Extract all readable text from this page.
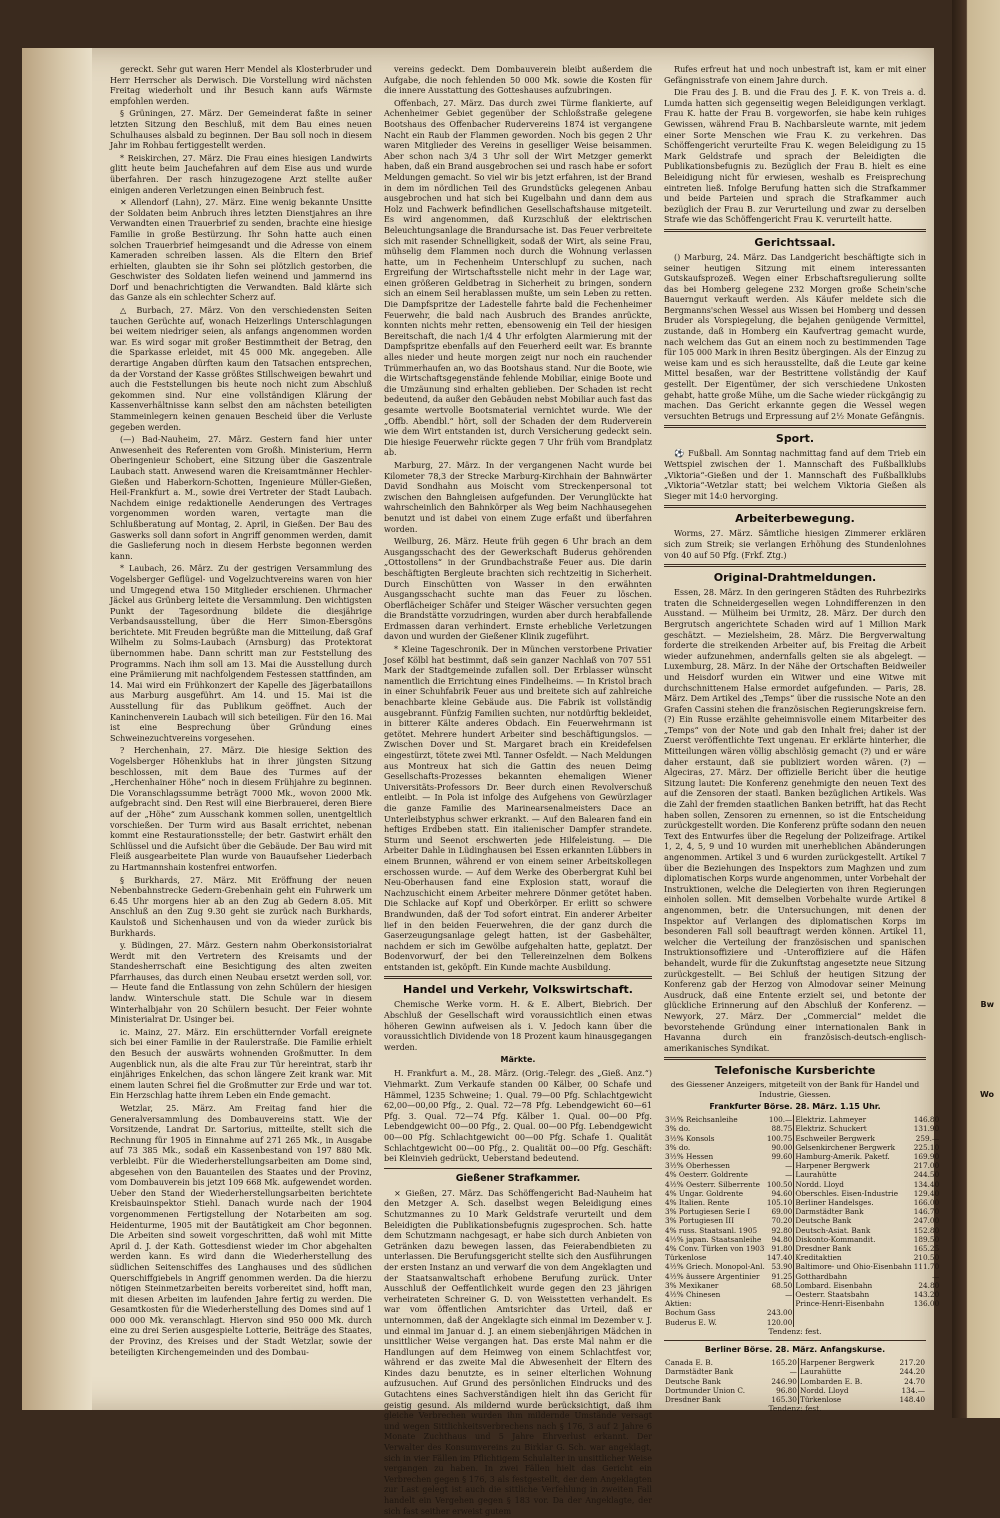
gereckt. Sehr gut waren Herr Mendel als Klosterbruder und Herr Herrscher als Derwisch. Die Vorstellung wird nächsten Freitag wiederholt und ihr Besuch kann aufs Wärmste empfohlen werden.

§ Grüningen, 27. März. Der Gemeinderat faßte in seiner letzten Sitzung den Beschluß, mit dem Bau eines neuen Schulhauses alsbald zu beginnen. Der Bau soll noch in diesem Jahr im Rohbau fertiggestellt werden.

* Reiskirchen, 27. März. Die Frau eines hiesigen Landwirts glitt heute beim Jauchefahren auf dem Eise aus und wurde überfahren. Der rasch hinzugezogene Arzt stellte außer einigen anderen Verletzungen einen Beinbruch fest.

✕ Allendorf (Lahn), 27. März. Eine wenig bekannte Unsitte der Soldaten beim Anbruch ihres letzten Dienstjahres an ihre Verwandten einen Trauerbrief zu senden, brachte eine hiesige Familie in große Bestürzung. Ihr Sohn hatte auch einen solchen Trauerbrief heimgesandt und die Adresse von einem Kameraden schreiben lassen. Als die Eltern den Brief erhielten, glaubten sie ihr Sohn sei plötzlich gestorben, die Geschwister des Soldaten liefen weinend und jammernd ins Dorf und benachrichtigten die Verwandten. Bald klärte sich das Ganze als ein schlechter Scherz auf.

△ Burbach, 27. März. Von den verschiedensten Seiten tauchen Gerüchte auf, wonach Heizerlings Unterschlagungen bei weitem niedriger seien, als anfangs angenommen worden war. Es wird sogar mit großer Bestimmtheit der Betrag, den die Sparkasse erleidet, mit 45 000 Mk. angegeben. Alle derartige Angaben dürften kaum den Tatsachen entsprechen, da der Vorstand der Kasse größtes Stillschweigen bewahrt und auch die Feststellungen bis heute noch nicht zum Abschluß gekommen sind. Nur eine vollständigen Klärung der Kassenverhältnisse kann selbst den am nächsten beteiligten Stammeinlegern keinen genauen Bescheid über die Verluste gegeben werden.

(—) Bad-Nauheim, 27. März. Gestern fand hier unter Anwesenheit des Referenten vom Großh. Ministerium, Herrn Oberingenieur Schobert, eine Sitzung über die Gaszentrale Laubach statt. Anwesend waren die Kreisamtmänner Hechler-Gießen und Haberkorn-Schotten, Ingenieure Müller-Gießen, Heil-Frankfurt a. M., sowie drei Vertreter der Stadt Laubach. Nachdem einige redaktionelle Aenderungen des Vertrages vorgenommen worden waren, vertagte man die Schlußberatung auf Montag, 2. April, in Gießen. Der Bau des Gaswerks soll dann sofort in Angriff genommen werden, damit die Gaslieferung noch in diesem Herbste begonnen werden kann.

* Laubach, 26. März. Zu der gestrigen Versammlung des Vogelsberger Geflügel- und Vogelzuchtvereins waren von hier und Umgegend etwa 150 Mitglieder erschienen. Uhrmacher Jäckel aus Grünberg leitete die Versammlung. Den wichtigsten Punkt der Tagesordnung bildete die diesjährige Verbandsausstellung, über die Herr Simon-Ebersgöns berichtete. Mit Freuden begrüßte man die Mitteilung, daß Graf Wilhelm zu Solms-Laubach (Arnsburg) das Protektorat übernommen habe. Dann schritt man zur Feststellung des Programms. Nach ihm soll am 13. Mai die Ausstellung durch eine Prämiierung mit nachfolgendem Festessen stattfinden, am 14. Mai wird ein Frühkonzert der Kapelle des Jägerbataillons aus Marburg ausgeführt. Am 14. und 15. Mai ist die Ausstellung für das Publikum geöffnet. Auch der Kaninchenverein Laubach will sich beteiligen. Für den 16. Mai ist eine Besprechung über Gründung eines Schweinezuchtvereins vorgesehen.

? Herchenhain, 27. März. Die hiesige Sektion des Vogelsberger Höhenklubs hat in ihrer jüngsten Sitzung beschlossen, mit dem Baue des Turmes auf der „Herchenhainer Höhe“ noch in diesem Frühjahre zu beginnen. Die Voranschlagssumme beträgt 7000 Mk., wovon 2000 Mk. aufgebracht sind. Den Rest will eine Bierbrauerei, deren Biere auf der „Höhe“ zum Ausschank kommen sollen, unentgeltlich vorschießen. Der Turm wird aus Basalt errichtet, nebenan kommt eine Restaurationsstelle; der betr. Gastwirt erhält den Schlüssel und die Aufsicht über die Gebäude. Der Bau wird mit Fleiß ausgearbeitete Plan wurde von Bauaufseher Liederbach zu Hartmannshain kostenfrei entworfen.

§ Burkhards, 27. März. Mit Eröffnung der neuen Nebenbahnstrecke Gedern-Grebenhain geht ein Fuhrwerk um 6.45 Uhr morgens hier ab an den Zug ab Gedern 8.05. Mit Anschluß an den Zug 9.30 geht sie zurück nach Burkhards, Kaulstoß und Sichenhausen und von da wieder zurück bis Burkhards.

y. Büdingen, 27. März. Gestern nahm Oberkonsistorialrat Werdt mit den Vertretern des Kreisamts und der Standesherrschaft eine Besichtigung des alten zweiten Pfarrhauses, das durch einen Neubau ersetzt werden soll, vor. — Heute fand die Entlassung von zehn Schülern der hiesigen landw. Winterschule statt. Die Schule war in diesem Winterhalbjahr von 20 Schülern besucht. Der Feier wohnte Ministerialrat Dr. Usinger bei.

ic. Mainz, 27. März. Ein erschütternder Vorfall ereignete sich bei einer Familie in der Raulerstraße. Die Familie erhielt den Besuch der auswärts wohnenden Großmutter. In dem Augenblick nun, als die alte Frau zur Tür hereintrat, starb ihr einjähriges Enkelchen, das schon längere Zeit krank war. Mit einem lauten Schrei fiel die Großmutter zur Erde und war tot. Ein Herzschlag hatte ihrem Leben ein Ende gemacht.

Wetzlar, 25. März. Am Freitag fand hier die Generalversammlung des Dombauvereins statt. Wie der Vorsitzende, Landrat Dr. Sartorius, mitteilte, stellt sich die Rechnung für 1905 in Einnahme auf 271 265 Mk., in Ausgabe auf 73 385 Mk., sodaß ein Kassenbestand von 197 880 Mk. verbleibt. Für die Wiederherstellungsarbeiten am Dome sind, abgesehen von den Bauanteilen des Staates und der Provinz, vom Dombauverein bis jetzt 109 668 Mk. aufgewendet worden. Ueber den Stand der Wiederherstellungsarbeiten berichtete Kreisbauinspektor Stiehl. Danach wurde nach der 1904 vorgenommenen Fertigstellung der Notarbeiten am sog. Heidenturme, 1905 mit der Bautätigkeit am Chor begonnen. Die Arbeiten sind soweit vorgeschritten, daß wohl mit Mitte April d. J. der Kath. Gottesdienst wieder im Chor abgehalten werden kann. Es wird dann die Wiederherstellung des südlichen Seitenschiffes des Langhauses und des südlichen Querschiffgiebels in Angriff genommen werden. Da die hierzu nötigen Steinmetzarbeiten bereits vorbereitet sind, hofft man, mit diesen Arbeiten im laufenden Jahre fertig zu werden. Die Gesamtkosten für die Wiederherstellung des Domes sind auf 1 000 000 Mk. veranschlagt. Hiervon sind 950 000 Mk. durch eine zu drei Serien ausgespielte Lotterie, Beiträge des Staates, der Provinz, des Kreises und der Stadt Wetzlar, sowie der beteiligten Kirchengemeinden und des Dombau-

vereins gedeckt. Dem Dombauverein bleibt außerdem die Aufgabe, die noch fehlenden 50 000 Mk. sowie die Kosten für die innere Ausstattung des Gotteshauses aufzubringen.

Offenbach, 27. März. Das durch zwei Türme flankierte, auf Achenheimer Gebiet gegenüber der Schloßstraße gelegene Bootshaus des Offenbacher Rudervereins 1874 ist vergangene Nacht ein Raub der Flammen geworden. Noch bis gegen 2 Uhr waren Mitglieder des Vereins in geselliger Weise beisammen. Aber schon nach 3/4 3 Uhr soll der Wirt Metzger gemerkt haben, daß ein Brand ausgebrochen sei und rasch habe er sofort Meldungen gemacht. So viel wir bis jetzt erfahren, ist der Brand in dem im nördlichen Teil des Grundstücks gelegenen Anbau ausgebrochen und hat sich bei Kugelbahn und dann dem aus Holz und Fachwerk befindlichen Gesellschaftshause mitgeteilt. Es wird angenommen, daß Kurzschluß der elektrischen Beleuchtungsanlage die Brandursache ist. Das Feuer verbreitete sich mit rasender Schnelligkeit, sodaß der Wirt, als seine Frau, mühselig dem Flammen noch durch die Wohnung verlassen hatte, um in Fechenheim Unterschlupf zu suchen, nach Ergreifung der Wirtschaftsstelle nicht mehr in der Lage war, einen größeren Geldbetrag in Sicherheit zu bringen, sondern sich an einem Seil herablassen mußte, um sein Leben zu retten. Die Dampfspritze der Ladestelle fahrte bald die Fechenheimer Feuerwehr, die bald nach Ausbruch des Brandes anrückte, konnten nichts mehr retten, ebensowenig ein Teil der hiesigen Bereitschaft, die nach 1/4 4 Uhr erfolgten Alarmierung mit der Dampfspritze ebenfalls auf den Feuerherd eeilt war. Es brannte alles nieder und heute morgen zeigt nur noch ein rauchender Trümmerhaufen an, wo das Bootshaus stand. Nur die Boote, wie die Wirtschaftsgegenstände fehlende Mobiliar, einige Boote und die Umzäunung sind erhalten geblieben. Der Schaden ist recht bedeutend, da außer den Gebäuden nebst Mobiliar auch fast das gesamte wertvolle Bootsmaterial vernichtet wurde. Wie der „Offb. Abendbl.“ hört, soll der Schaden der dem Ruderverein wie dem Wirt entstanden ist, durch Versicherung gedeckt sein. Die hiesige Feuerwehr rückte gegen 7 Uhr früh vom Brandplatz ab.

Marburg, 27. März. In der vergangenen Nacht wurde bei Kilometer 78,3 der Strecke Marburg-Kirchhain der Bahnwärter David Sondhahn aus Moischt vom Streckenpersonal tot zwischen den Bahngleisen aufgefunden. Der Verunglückte hat wahrscheinlich den Bahnkörper als Weg beim Nachhausegehen benutzt und ist dabei von einem Zuge erfaßt und überfahren worden.

Weilburg, 26. März. Heute früh gegen 6 Uhr brach an dem Ausgangsschacht des der Gewerkschaft Buderus gehörenden „Ottostollens“ in der Grundbachstraße Feuer aus. Die darin beschäftigten Bergleute brachten sich rechtzeitig in Sicherheit. Durch Einschütten von Wasser in den erwähnten Ausgangsschacht suchte man das Feuer zu löschen. Oberflächeiger Schäfer und Steiger Wäscher versuchten gegen die Brandstätte vorzudringen, wurden aber durch herabfallende Erdmassen daran verhindert. Ernste erhebliche Verletzungen davon und wurden der Gießener Klinik zugeführt.

* Kleine Tageschronik. Der in München verstorbene Privatier Josef Kölbl hat bestimmt, daß sein ganzer Nachlaß von 707 551 Mark der Stadtgemeinde zufallen soll. Der Erblasser wünscht namentlich die Errichtung eines Findelheims. — In Kristol brach in einer Schuhfabrik Feuer aus und breitete sich auf zahlreiche benachbarte kleine Gebäude aus. Die Fabrik ist vollständig ausgebrannt. Fünfzig Familien suchten, nur notdürftig bekleidet, in bitterer Kälte anderes Obdach. Ein Feuerwehrmann ist getötet. Mehrere hundert Arbeiter sind beschäftigungslos. — Zwischen Dover und St. Margaret brach ein Kreidefelsen eingestürzt, tötete zwei Mtl. Tanner Osfeldt. — Nach Meldungen aus Montreux hat sich die Gattin des neuen Deimg Gesellschafts-Prozesses bekannten ehemaligen Wiener Universitäts-Professors Dr. Beer durch einen Revolverschuß entleibt. — In Pola ist infolge des Aufgehens von Gewürzlager die ganze Familie des Marinearsenalmeisters Dace an Unterleibstyphus schwer erkrankt. — Auf den Balearen fand ein heftiges Erdbeben statt. Ein italienischer Dampfer strandete. Sturm und Seenot erschwerten jede Hilfeleistung. — Die Arbeiter Dahle in Lüdinghausen bei Essen erkannten Lübbers in einem Brunnen, während er von einem seiner Arbeitskollegen erschossen wurde. — Auf dem Werke des Oberbergrat Kuhl bei Neu-Oberhausen fand eine Explosion statt, worauf die Nachzuschicht einem Arbeiter mehrere Dönmer getötet haben. Die Schlacke auf Kopf und Oberkörper. Er erlitt so schwere Brandwunden, daß der Tod sofort eintrat. Ein anderer Arbeiter lief in den beiden Feuerwehren, die der ganz durch die Gaserzeugungsanlage gelegt hatten, ist der Gasbehälter, nachdem er sich im Gewölbe aufgehalten hatte, geplatzt. Der Bodenvorwurf, der bei den Tellereinzelnen dem Bolkens entstanden ist, geköpft. Ein Kunde machte Ausbildung.

Handel und Verkehr, Volkswirtschaft.

Chemische Werke vorm. H. & E. Albert, Biebrich. Der Abschluß der Gesellschaft wird voraussichtlich einen etwas höheren Gewinn aufweisen als i. V. Jedoch kann über die voraussichtlich Dividende von 18 Prozent kaum hinausgegangen werden.

Märkte.

H. Frankfurt a. M., 28. März. (Orig.-Telegr. des „Gieß. Anz.“) Viehmarkt. Zum Verkaufe standen 00 Kälber, 00 Schafe und Hämmel, 1235 Schweine; 1. Qual. 79—00 Pfg. Schlachtgewicht 62,00—00,00 Pfg., 2. Qual. 72—78 Pfg. Lebendgewicht 60—61 Pfg. 3. Qual. 72—74 Pfg. Kälber 1. Qual. 00—00 Pfg. Lebendgewicht 00—00 Pfg., 2. Qual. 00—00 Pfg. Lebendgewicht 00—00 Pfg. Schlachtgewicht 00—00 Pfg. Schafe 1. Qualität Schlachtgewicht 00—00 Pfg., 2. Qualität 00—00 Pfg. Geschäft: bei Kleinvieh gedrückt, Ueberstand bedeutend.

Gießener Strafkammer.

× Gießen, 27. März. Das Schöffengericht Bad-Nauheim hat den Metzger A. Sch. daselbst wegen Beleidigung eines Schutzmannes zu 10 Mark Geldstrafe verurteilt und dem Beleidigten die Publikationsbefugnis zugesprochen. Sch. hatte dem Schutzmann nachgesagt, er habe sich durch Anbieten von Getränken dazu bewegen lassen, das Feierabendbieten zu unterlassen. Die Berufungsgericht stellte sich den Ausführungen der ersten Instanz an und verwarf die von dem Angeklagten und der Staatsanwaltschaft erhobene Berufung zurück. Unter Ausschluß der Oeffentlichkeit wurde gegen den 23 jährigen verheirateten Schreiner G. D. von Weisstetten verhandelt. Es war vom öffentlichen Amtsrichter das Urteil, daß er unternommen, daß der Angeklagte sich einmal im Dezember v. J. und einmal im Januar d. J. an einem siebenjährigen Mädchen in unsittlicher Weise vergangen hat. Das erste Mal nahm er die Handlungen auf dem Heimweg von einem Schlachtfest vor, während er das zweite Mal die Abwesenheit der Eltern des Kindes dazu benutzte, es in seiner elterlichen Wohnung aufzusuchen. Auf Grund des persönlichen Eindrucks und des Gutachtens eines Sachverständigen hielt ihn das Gericht für geistig gesund. Als mildernd wurde berücksichtigt, daß ihm gleiche Verbrechen wurden ihm mildernde Umstände versagt und wegen Sittlichkeitsverbrechens nach § 176, 3 auf 2 Jahre 6 Monate Zuchthaus und 5 Jahre Ehrverlust erkannt. Der Verwalter des Konsumvereins zu Birklar G. Sch. war angeklagt, sich in vier Fällen im Pflichtigem Schulalter in unsittlicher Weise vergangen zu haben. In zwei Fällen hielt das Gericht ein Verbrechen gegen § 176, 3 als festgestellt, der dem Angeklagten zur Last gelegt ist auch die sittliche Verfehlung in zweiten Fall handelt ein Vergehen gegen § 183 vor. Da der Angeklagte, der sich fast seither erweist gutem

Rufes erfreut hat und noch unbestraft ist, kam er mit einer Gefängnisstrafe von einem Jahre durch.

Die Frau des J. B. und die Frau des J. F. K. von Treis a. d. Lumda hatten sich gegenseitig wegen Beleidigungen verklagt. Frau K. hatte der Frau B. vorgeworfen, sie habe kein ruhiges Gewissen, während Frau B. Nachbarsleute warnte, mit jedem einer Sorte Menschen wie Frau K. zu verkehren. Das Schöffengericht verurteilte Frau K. wegen Beleidigung zu 15 Mark Geldstrafe und sprach der Beleidigten die Publikationsbefugnis zu. Bezüglich der Frau B. hielt es eine Beleidigung nicht für erwiesen, weshalb es Freisprechung eintreten ließ. Infolge Berufung hatten sich die Strafkammer und beide Parteien und sprach die Strafkammer auch bezüglich der Frau B. zur Verurteilung und zwar zu derselben Strafe wie das Schöffengericht Frau K. verurteilt hatte.

Gerichtssaal.

() Marburg, 24. März. Das Landgericht beschäftigte sich in seiner heutigen Sitzung mit einem interessanten Gutskaufsprozeß. Wegen einer Erbschaftsregulierung sollte das bei Homberg gelegene 232 Morgen große Schein'sche Bauerngut verkauft werden. Als Käufer meldete sich die Bergmanns'schen Wessel aus Wissen bei Homberg und dessen Bruder als Vorspiegelung, die bejahen genügende Vermittel, zustande, daß in Homberg ein Kaufvertrag gemacht wurde, nach welchem das Gut an einem noch zu bestimmenden Tage für 105 000 Mark in ihren Besitz übergingen. Als der Einzug zu weise kam und es sich herausstellte, daß die Leute gar keine Mittel besaßen, war der Bestrittene vollständig der Kauf gestellt. Der Eigentümer, der sich verschiedene Unkosten gehabt, hatte große Mühe, um die Sache wieder rückgängig zu machen. Das Gericht erkannte gegen die Wessel wegen versuchten Betrugs und Erpressung auf 2½ Monate Gefängnis.

Sport.

⚽ Fußball. Am Sonntag nachmittag fand auf dem Trieb ein Wettspiel zwischen der 1. Mannschaft des Fußballklubs „Viktoria“-Gießen und der 1. Mannschaft des Fußballklubs „Viktoria“-Wetzlar statt; bei welchem Viktoria Gießen als Sieger mit 14:0 hervorging.

Arbeiterbewegung.

Worms, 27. März. Sämtliche hiesigen Zimmerer erklären sich zum Streik; sie verlangen Erhöhung des Stundenlohnes von 40 auf 50 Pfg. (Frkf. Ztg.)

Original-Drahtmeldungen.

Essen, 28. März. In den geringeren Städten des Ruhrbezirks traten die Schneidergesellen wegen Lohndifferenzen in den Ausstand. — Mülheim bei Urmitz, 28. März. Der durch den Bergrutsch angerichtete Schaden wird auf 1 Million Mark geschätzt. — Mezielsheim, 28. März. Die Bergverwaltung forderte die streikenden Arbeiter auf, bis Freitag die Arbeit wieder aufzunehmen, andernfalls gelten sie als abgelegt. — Luxemburg, 28. März. In der Nähe der Ortschaften Beidweiler und Heisdorf wurden ein Witwer und eine Witwe mit durchschnittenem Halse ermordet aufgefunden. — Paris, 28. März. Dem Artikel des „Temps“ über die russische Note an den Grafen Cassini stehen die französischen Regierungskreise fern. (?) Ein Russe erzählte geheimnisvolle einem Mitarbeiter des „Temps“ von der Note und gab den Inhalt frei; daher ist der Zuerst veröffentlichte Text ungenau. Er erklärte hinterher, die Mitteilungen wären völlig abschlösig gemacht (?) und er wäre daher erstaunt, daß sie publiziert worden wären. (?) — Algeciras, 27. März. Der offizielle Bericht über die heutige Sitzung lautet: Die Konferenz genehmigte den neuen Text des auf die Zensoren der staatl. Banken bezüglichen Artikels. Was die Zahl der fremden staatlichen Banken betrifft, hat das Recht haben sollen, Zensoren zu ernennen, so ist die Entscheidung zurückgestellt worden. Die Konferenz prüfte sodann den neuen Text des Entwurfes über die Regelung der Polizeifrage. Artikel 1, 2, 4, 5, 9 und 10 wurden mit unerheblichen Abänderungen angenommen. Artikel 3 und 6 wurden zurückgestellt. Artikel 7 über die Beziehungen des Inspektors zum Maghzen und zum diplomatischen Korps wurde angenommen, unter Vorbehalt der Instruktionen, welche die Delegierten von ihren Regierungen einholen sollen. Mit demselben Vorbehalte wurde Artikel 8 angenommen, betr. die Untersuchungen, mit denen der Inspektor auf Verlangen des diplomatischen Korps im besonderen Fall soll beauftragt werden können. Artikel 11, welcher die Verteilung der französischen und spanischen Instruktionsoffiziere und -Unteroffiziere auf die Häfen behandelt, wurde für die Zukunftstag angesetzte neue Sitzung zurückgestellt. — Bei Schluß der heutigen Sitzung der Konferenz gab der Herzog von Almodovar seiner Meinung Ausdruck, daß eine Entente erzielt sei, und betonte der glückliche Erinnerung auf den Abschluß der Konferenz. — Newyork, 27. März. Der „Commercial“ meldet die bevorstehende Gründung einer internationalen Bank in Havanna durch ein französisch-deutsch-englisch-amerikanisches Syndikat.

Telefonische Kursberichte
des Giessener Anzeigers, mitgeteilt von der Bank für Handel und Industrie, Giessen.
Frankfurter Börse. 28. März. 1.15 Uhr.
3½% Reichsanleihe	100.—	Elektriz. Lahmeyer	146.80
3% do.	88.75	Elektriz. Schuckert	131.90
3½% Konsols	100.75	Eschweiler Bergwerk	259.—
3% do.	90.00	Gelsenkirchener Bergwerk	225.10
3½% Hessen	99.60	Hamburg-Amerik. Paketf.	169.90
3½% Oberhessen	—	Harpener Bergwerk	217.00
4% Oesterr. Goldrente	—	Laurahütte	244.50
4½% Oesterr. Silberrente	100.50	Nordd. Lloyd	134.40
4% Ungar. Goldrente	94.60	Oberschles. Eisen-Industrie	129.40
4% Italien. Rente	105.10	Berliner Handelsges.	166.00
3% Portugiesen Serie I	69.00	Darmstädter Bank	146.70
3% Portugiesen III	70.20	Deutsche Bank	247.00
4% russ. Staatsanl. 1905	92.80	Deutsch-Asiat. Bank	152.80
4½% japan. Staatsanleihe	94.80	Diskonto-Kommandit.	189.50
4% Conv. Türken von 1903	91.80	Dresdner Bank	165.25
Türkenlose	147.40	Kreditaktien	210.50
4½% Griech. Monopol-Anl.	53.90	Baltimore- und Ohio-Eisenbahn	111.70
4½% äussere Argentinier	91.25	Gotthardbahn	—
3% Mexikaner	68.50	Lombard. Eisenbahn	24.80
4½% Chinesen	—	Oesterr. Staatsbahn	143.20
Aktien:		Prince-Henri-Eisenbahn	136.00
Bochum Gass	243.00		
Buderus E. W.	120.00		
Tendenz: fest.
Berliner Börse. 28. März. Anfangskurse.
Canada E. B.	165.20	Harpener Bergwerk	217.20
Darmstädter Bank	—	Laurahütte	244.20
Deutsche Bank	246.90	Lombarden E. B.	24.70
Dortmunder Union C.	96.80	Nordd. Lloyd	134.—
Dresdner Bank	165.30	Türkenlose	148.40
Tendenz: fest.
Bw
Wo
